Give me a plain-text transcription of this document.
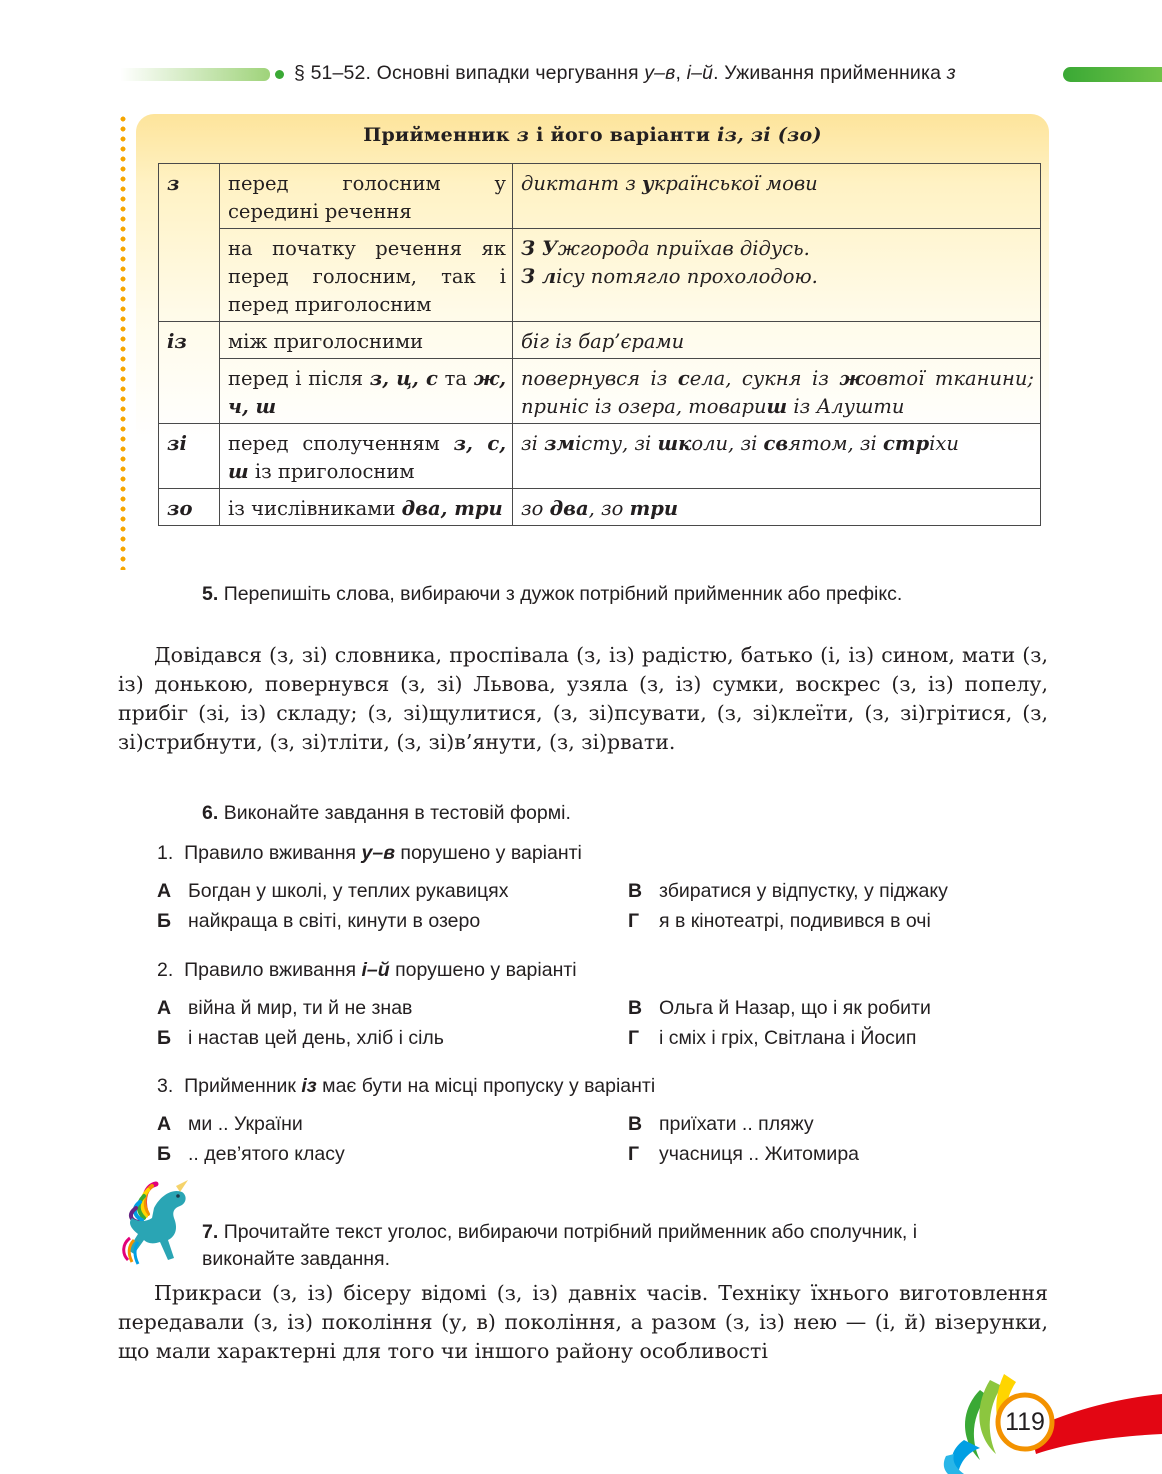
§ 51–52. Основні випадки чергування у–в, і–й. Уживання прийменника з
Прийменник з і його варіанти із, зі (зо)
з	перед голосним у середині речення	диктант з української мови
	на початку речення як перед голосним, так і перед приголосним	З Ужгорода приїхав дідусь.
З лісу потягло прохолодою.
із	між приголосними	біг із бар’єрами
	перед і після з, ц, с та ж, ч, ш	повернувся із села, сукня із жовтої тканини; приніс із озера, товариш із Алушти
зі	перед сполученням з, с, ш із приголосним	зі змісту, зі школи, зі святом, зі стріхи
зо	із числівниками два, три	зо два, зо три
5. Перепишіть слова, вибираючи з дужок потрібний прийменник або префікс.
Довідався (з, зі) словника, проспівала (з, із) радістю, батько (і, із) сином, мати (з, із) донькою, повернувся (з, зі) Львова, узяла (з, із) сумки, воскрес (з, із) попелу, прибіг (зі, із) складу; (з, зі)щулитися, (з, зі)псувати, (з, зі)клеїти, (з, зі)грітися, (з, зі)стрибнути, (з, зі)тліти, (з, зі)в’янути, (з, зі)рвати.
6. Виконайте завдання в тестовій формі.
1.  Правило вживання у–в порушено у варіанті
А Богдан у школі, у теплих рукавицях
Б найкраща в світі, кинути в озеро
В збиратися у відпустку, у піджаку
Г я в кінотеатрі, подивився в очі
2.  Правило вживання і–й порушено у варіанті
А війна й мир, ти й не знав
Б і настав цей день, хліб і сіль
В Ольга й Назар, що і як робити
Г і сміх і гріх, Світлана і Йосип
3.  Прийменник із має бути на місці пропуску у варіанті
А ми .. України
Б .. дев’ятого класу
В приїхати .. пляжу
Г учасниця .. Житомира
7. Прочитайте текст уголос, вибираючи потрібний прийменник або сполучник, і виконайте завдання.
Прикраси (з, із) бісеру відомі (з, із) давніх часів. Техніку їхнього виготовлення передавали (з, із) покоління (у, в) покоління, а разом (з, із) нею — (і, й) візерунки, що мали характерні для того чи іншого району особливості
119
